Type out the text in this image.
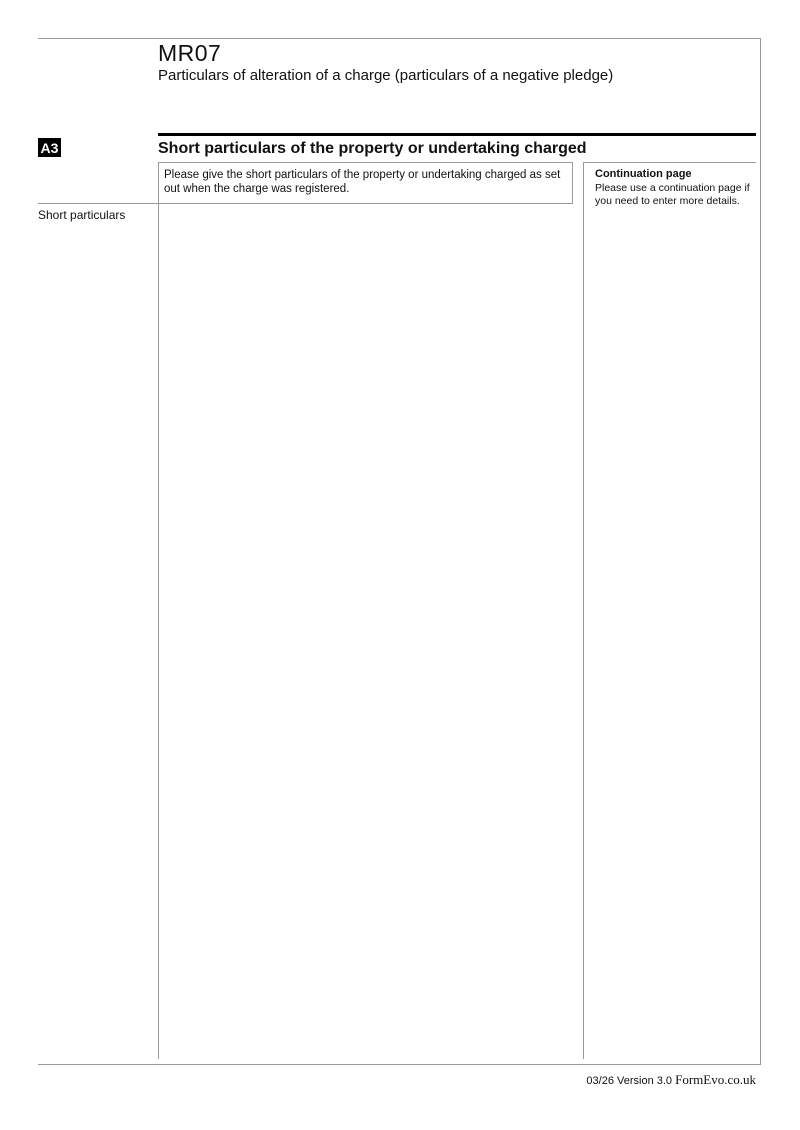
MR07
Particulars of alteration of a charge (particulars of a negative pledge)
A3	Short particulars of the property or undertaking charged
Please give the short particulars of the property or undertaking charged as set out when the charge was registered.
Continuation page
Please use a continuation page if you need to enter more details.
Short particulars
03/26 Version 3.0 FormEvo.co.uk
